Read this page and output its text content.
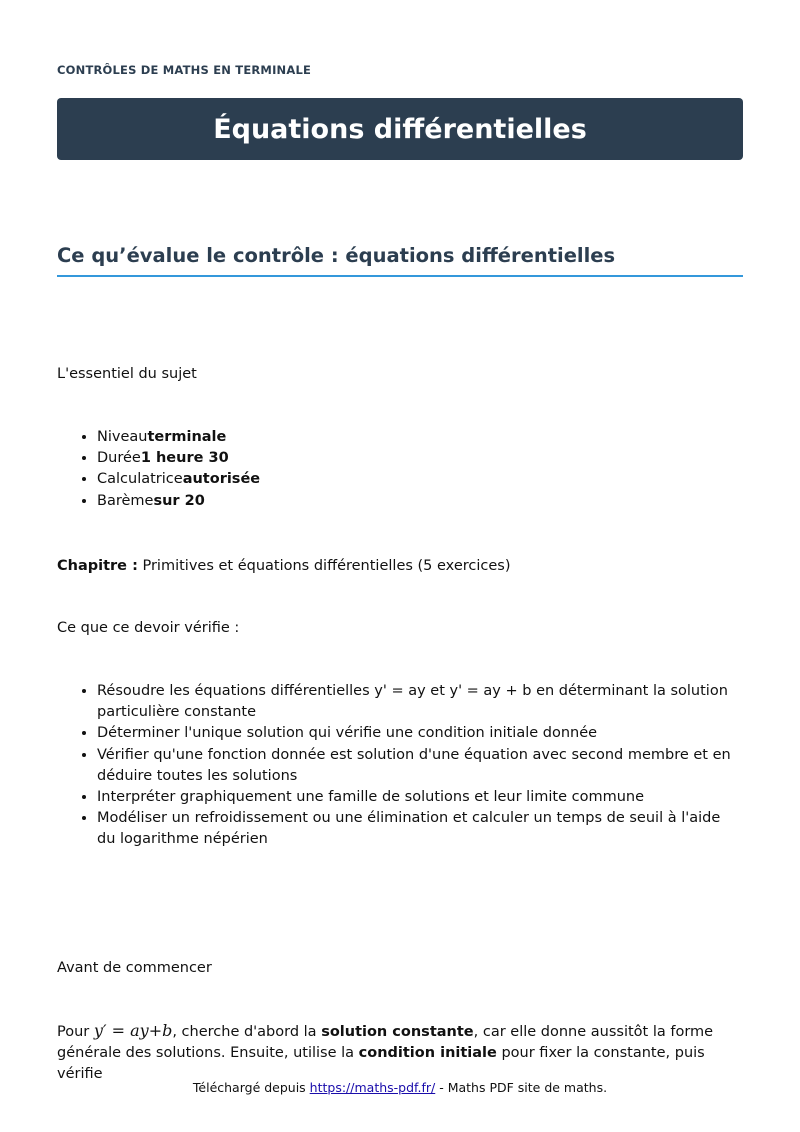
CONTRÔLES DE MATHS EN TERMINALE
Équations différentielles
Ce qu’évalue le contrôle : équations différentielles

L'essentiel du sujet

• Niveauterminale
• Durée1 heure 30
• Calculatriceautorisée
• Barèmesur 20

Chapitre : Primitives et équations différentielles (5 exercices)

Ce que ce devoir vérifie :

• Résoudre les équations différentielles y' = ay et y' = ay + b en déterminant la solution particulière constante
• Déterminer l'unique solution qui vérifie une condition initiale donnée
• Vérifier qu'une fonction donnée est solution d'une équation avec second membre et en déduire toutes les solutions
• Interpréter graphiquement une famille de solutions et leur limite commune
• Modéliser un refroidissement ou une élimination et calculer un temps de seuil à l'aide du logarithme népérien

Avant de commencer

Pour y′ = ay+b, cherche d'abord la solution constante, car elle donne aussitôt la forme générale des solutions. Ensuite, utilise la condition initiale pour fixer la constante, puis vérifie

Téléchargé depuis https://maths-pdf.fr/ - Maths PDF site de maths.
